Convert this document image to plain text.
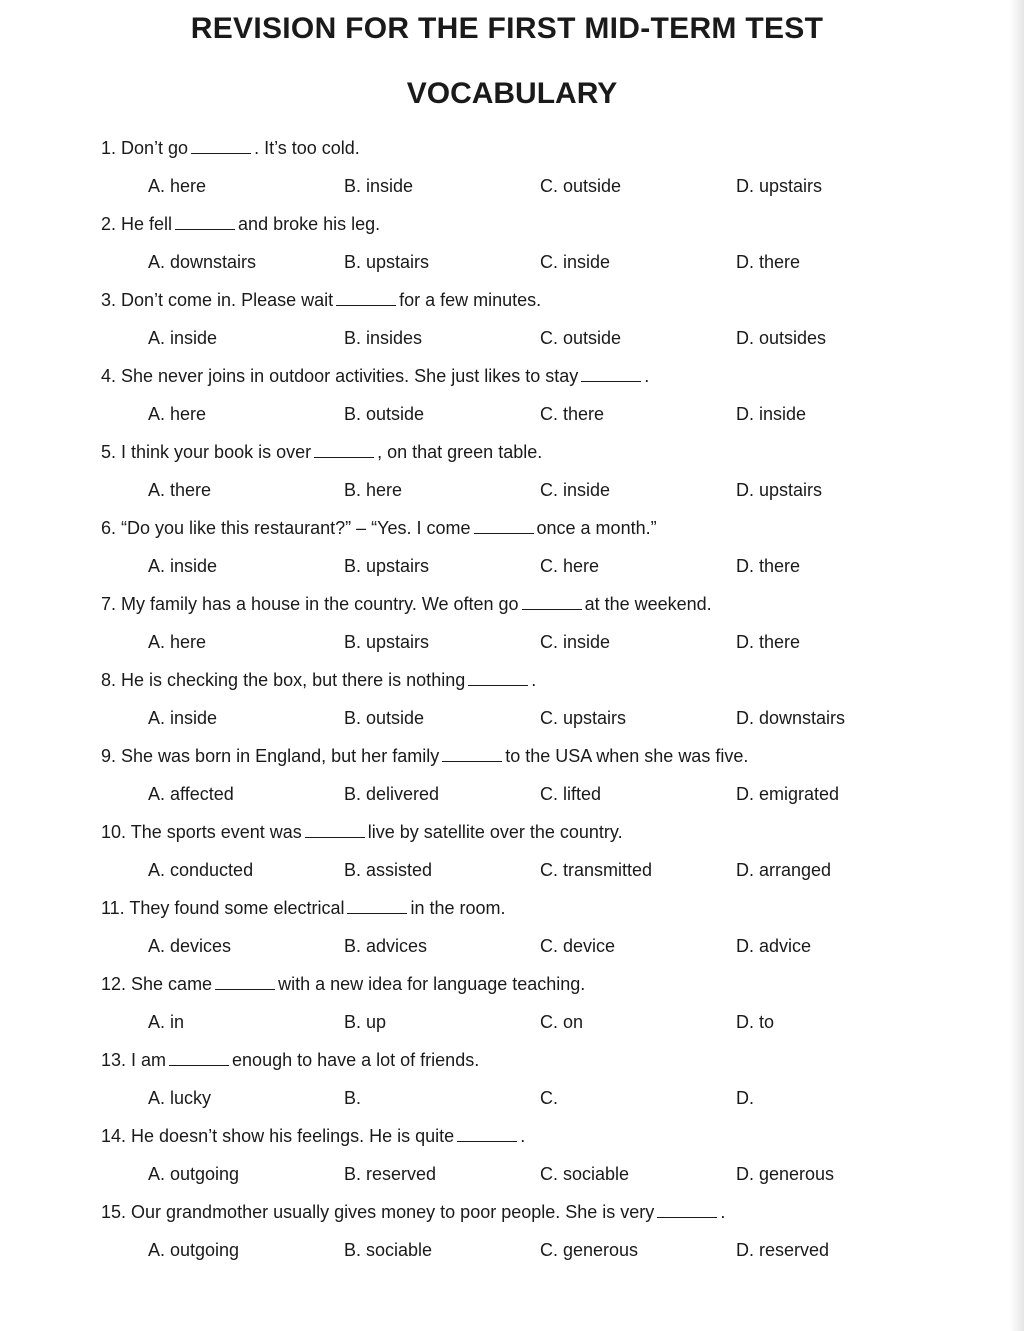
REVISION FOR THE FIRST MID-TERM TEST
VOCABULARY
1. Don’t go	. It’s too cold.
A. here	B. inside	C. outside	D. upstairs
2. He fell	and broke his leg.
A. downstairs	B. upstairs	C. inside	D. there
3. Don’t come in. Please wait	for a few minutes.
A. inside	B. insides	C. outside	D. outsides
4. She never joins in outdoor activities. She just likes to stay	.
A. here	B. outside	C. there	D. inside
5. I think your book is over	, on that green table.
A. there	B. here	C. inside	D. upstairs
6. “Do you like this restaurant?” – “Yes. I come	once a month.”
A. inside	B. upstairs	C. here	D. there
7. My family has a house in the country. We often go	at the weekend.
A. here	B. upstairs	C. inside	D. there
8. He is checking the box, but there is nothing	.
A. inside	B. outside	C. upstairs	D. downstairs
9. She was born in England, but her family	to the USA when she was five.
A. affected	B. delivered	C. lifted	D. emigrated
10. The sports event was	live by satellite over the country.
A. conducted	B. assisted	C. transmitted	D. arranged
11. They found some electrical	in the room.
A. devices	B. advices	C. device	D. advice
12. She came	with a new idea for language teaching.
A. in	B. up	C. on	D. to
13. I am	enough to have a lot of friends.
A. lucky	B.	C.	D.
14. He doesn’t show his feelings. He is quite	.
A. outgoing	B. reserved	C. sociable	D. generous
15. Our grandmother usually gives money to poor people. She is very	.
A. outgoing	B. sociable	C. generous	D. reserved
